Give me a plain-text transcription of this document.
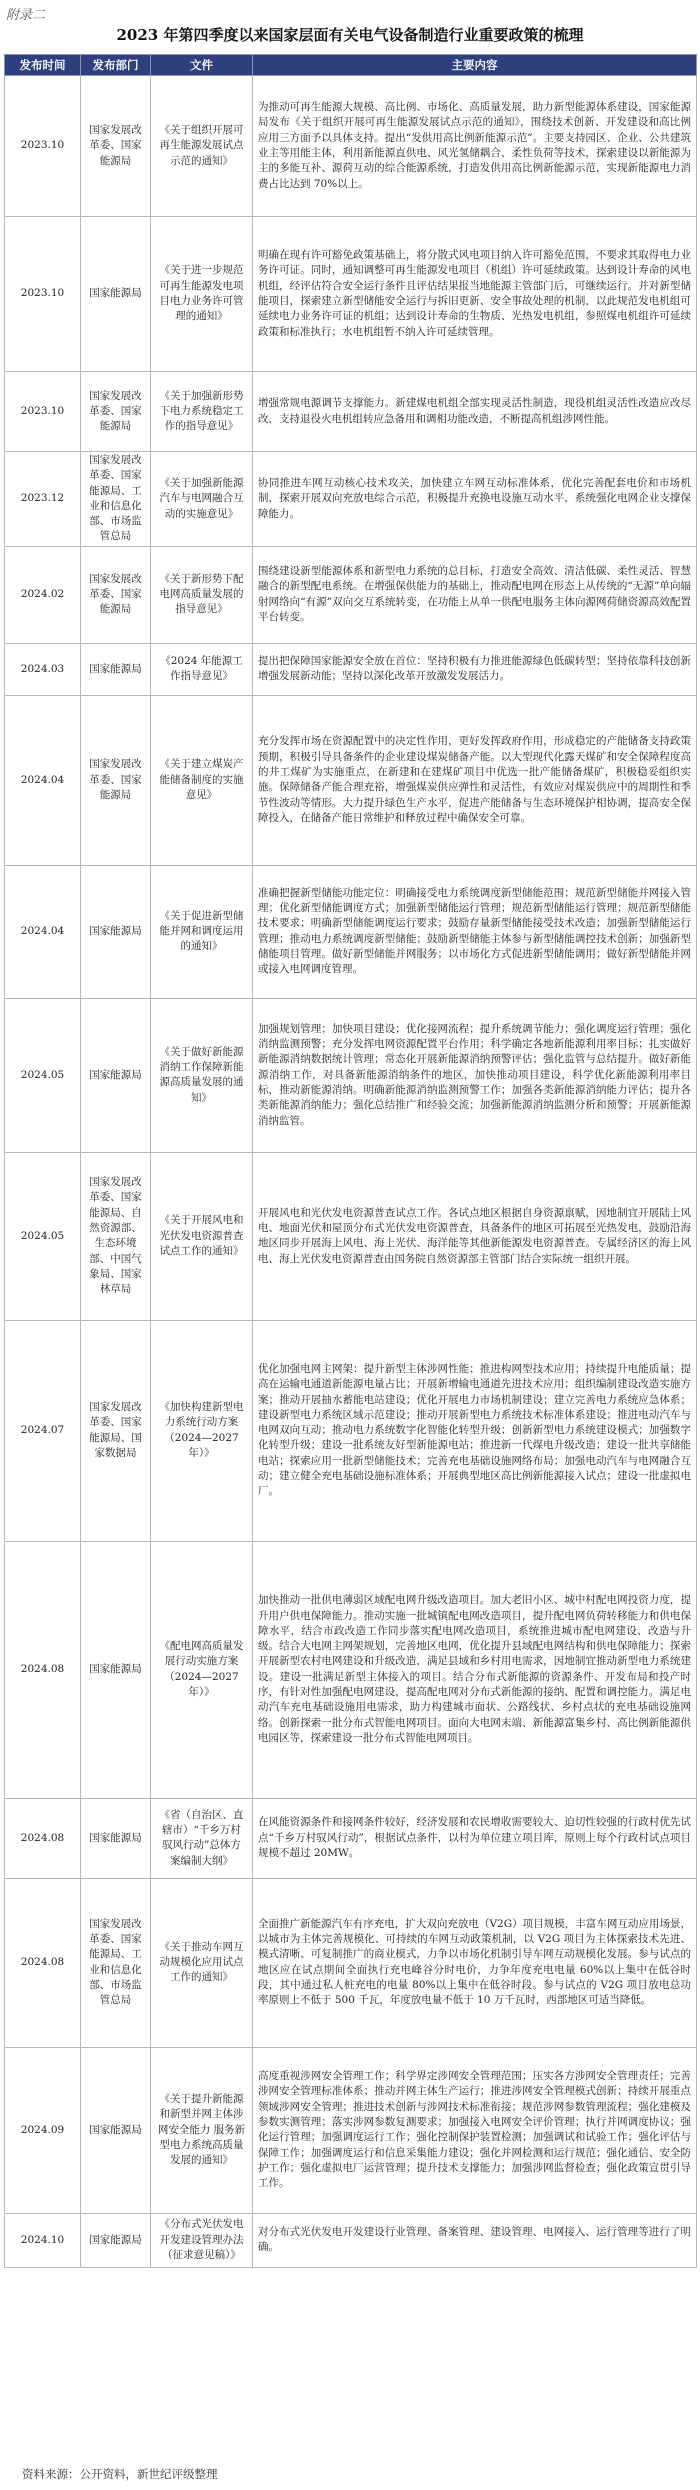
附录二
2023 年第四季度以来国家层面有关电气设备制造行业重要政策的梳理
发布时间	发布部门	文件	主要内容
2023.10	国家发展改革委、国家能源局	《关于组织开展可再生能源发展试点示范的通知》	为推动可再生能源大规模、高比例、市场化、高质量发展，助力新型能源体系建设，国家能源局发布《关于组织开展可再生能源发展试点示范的通知》，围绕技术创新、开发建设和高比例应用三方面予以具体支持。提出“发供用高比例新能源示范”。主要支持园区、企业、公共建筑业主等用能主体，利用新能源直供电、风光氢储耦合、柔性负荷等技术，探索建设以新能源为主的多能互补、源荷互动的综合能源系统，打造发供用高比例新能源示范，实现新能源电力消费占比达到 70%以上。
2023.10	国家能源局	《关于进一步规范可再生能源发电项目电力业务许可管理的通知》	明确在现有许可豁免政策基础上，将分散式风电项目纳入许可豁免范围，不要求其取得电力业务许可证。同时，通知调整可再生能源发电项目（机组）许可延续政策。达到设计寿命的风电机组，经评估符合安全运行条件且评估结果报当地能源主管部门后，可继续运行。并对新型储能项目，探索建立新型储能安全运行与拆旧更新、安全事故处理的机制，以此规范发电机组可延续电力业务许可证的机组；达到设计寿命的生物质、光热发电机组，参照煤电机组许可延续政策和标准执行；水电机组暂不纳入许可延续管理。
2023.10	国家发展改革委、国家能源局	《关于加强新形势下电力系统稳定工作的指导意见》	增强常规电源调节支撑能力。新建煤电机组全部实现灵活性制造，现役机组灵活性改造应改尽改，支持退役火电机组转应急备用和调相功能改造，不断提高机组涉网性能。
2023.12	国家发展改革委、国家能源局、工业和信息化部、市场监管总局	《关于加强新能源汽车与电网融合互动的实施意见》	协同推进车网互动核心技术攻关，加快建立车网互动标准体系，优化完善配套电价和市场机制，探索开展双向充放电综合示范，积极提升充换电设施互动水平，系统强化电网企业支撑保障能力。
2024.02	国家发展改革委、国家能源局	《关于新形势下配电网高质量发展的指导意见》	围绕建设新型能源体系和新型电力系统的总目标，打造安全高效、清洁低碳、柔性灵活、智慧融合的新型配电系统。在增强保供能力的基础上，推动配电网在形态上从传统的“无源”单向辐射网络向“有源”双向交互系统转变，在功能上从单一供配电服务主体向源网荷储资源高效配置平台转变。
2024.03	国家能源局	《2024 年能源工作指导意见》	提出把保障国家能源安全放在首位：坚持积极有力推进能源绿色低碳转型；坚持依靠科技创新增强发展新动能；坚持以深化改革开放激发发展活力。
2024.04	国家发展改革委、国家能源局	《关于建立煤炭产能储备制度的实施意见》	充分发挥市场在资源配置中的决定性作用，更好发挥政府作用，形成稳定的产能储备支持政策预期，积极引导具备条件的企业建设煤炭储备产能。以大型现代化露天煤矿和安全保障程度高的井工煤矿为实施重点，在新建和在建煤矿项目中优选一批产能储备煤矿，积极稳妥组织实施。保障储备产能合理充裕，增强煤炭供应弹性和灵活性，有效应对煤炭供应中的周期性和季节性波动等情形。大力提升绿色生产水平，促进产能储备与生态环境保护相协调，提高安全保障投入，在储备产能日常维护和释放过程中确保安全可靠。
2024.04	国家能源局	《关于促进新型储能并网和调度运用的通知》	准确把握新型储能功能定位：明确接受电力系统调度新型储能范围；规范新型储能并网接入管理；优化新型储能调度方式；加强新型储能运行管理；规范新型储能运行管理；规范新型储能技术要求；明确新型储能调度运行要求；鼓励存量新型储能接受技术改造；加强新型储能运行管理；推动电力系统调度新型储能；鼓励新型储能主体参与新型储能调控技术创新；加强新型储能项目管理。做好新型储能并网服务；以市场化方式促进新型储能调用；做好新型储能并网或接入电网调度管理。
2024.05	国家能源局	《关于做好新能源消纳工作保障新能源高质量发展的通知》	加强规划管理；加快项目建设；优化接网流程；提升系统调节能力；强化调度运行管理；强化消纳监测预警；充分发挥电网资源配置平台作用；科学确定各地新能源利用率目标；扎实做好新能源消纳数据统计管理；常态化开展新能源消纳预警评估；强化监管与总结提升。做好新能源消纳工作，对具备新能源消纳条件的地区，加快推动项目建设，科学优化新能源利用率目标，推动新能源消纳。明确新能源消纳监测预警工作；加强各类新能源消纳能力评估；提升各类新能源消纳能力；强化总结推广和经验交流；加强新能源消纳监测分析和预警；开展新能源消纳监管。
2024.05	国家发展改革委、国家能源局、自然资源部、生态环境部、中国气象局、国家林草局	《关于开展风电和光伏发电资源普查试点工作的通知》	开展风电和光伏发电资源普查试点工作。各试点地区根据自身资源禀赋，因地制宜开展陆上风电、地面光伏和屋顶分布式光伏发电资源普查，具备条件的地区可拓展至光热发电，鼓励沿海地区同步开展海上风电、海上光伏、海洋能等其他新能源发电资源普查。专属经济区的海上风电、海上光伏发电资源普查由国务院自然资源部主管部门结合实际统一组织开展。
2024.07	国家发展改革委、国家能源局、国家数据局	《加快构建新型电力系统行动方案（2024—2027年）》	优化加强电网主网架：提升新型主体涉网性能；推进构网型技术应用；持续提升电能质量；提高在运输电通道新能源电量占比；开展新增输电通道先进技术应用；组织编制建设改造实施方案；推动开展抽水蓄能电站建设；优化开展电力市场机制建设；建立完善电力系统应急体系；建设新型电力系统区域示范建设；推动开展新型电力系统技术标准体系建设；推进电动汽车与电网双向互动；推动电力系统数字化智能化转型升级；创新新型电力系统建设模式；加强数字化转型升级；建设一批系统友好型新能源电站；推进新一代煤电升级改造；建设一批共享储能电站；探索应用一批新型储能技术；完善充电基础设施网络布局；加强电动汽车与电网融合互动；建立健全充电基础设施标准体系；开展典型地区高比例新能源接入试点；建设一批虚拟电厂。
2024.08	国家能源局	《配电网高质量发展行动实施方案（2024—2027年）》	加快推动一批供电薄弱区域配电网升级改造项目。加大老旧小区、城中村配电网投资力度，提升用户供电保障能力。推动实施一批城镇配电网改造项目，提升配电网负荷转移能力和供电保障水平，结合市政改造工作同步落实配电网改造项目，系统推进城市配电网建设、改造与升级。结合大电网主网架规划，完善地区电网，优化提升县域配电网结构和供电保障能力；探索开展新型农村电网建设和升级改造，满足县域和乡村用电需求，因地制宜推动新型电力系统建设。建设一批满足新型主体接入的项目。结合分布式新能源的资源条件、开发布局和投产时序，有针对性加强配电网建设，提高配电网对分布式新能源的接纳、配置和调控能力。满足电动汽车充电基础设施用电需求，助力构建城市面状、公路线状、乡村点状的充电基础设施网络。创新探索一批分布式智能电网项目。面向大电网末端、新能源富集乡村、高比例新能源供电园区等，探索建设一批分布式智能电网项目。
2024.08	国家能源局	《省（自治区、直辖市）“千乡万村驭风行动”总体方案编制大纲》	在风能资源条件和接网条件较好，经济发展和农民增收需要较大、迫切性较强的行政村优先试点“千乡万村驭风行动”，根据试点条件，以村为单位建立项目库，原则上每个行政村试点项目规模不超过 20MW。
2024.08	国家发展改革委、国家能源局、工业和信息化部、市场监管总局	《关于推动车网互动规模化应用试点工作的通知》	全面推广新能源汽车有序充电，扩大双向充放电（V2G）项目规模，丰富车网互动应用场景，以城市为主体完善规模化、可持续的车网互动政策机制，以 V2G 项目为主体探索技术先进、模式清晰、可复制推广的商业模式，力争以市场化机制引导车网互动规模化发展。参与试点的地区应在试点期间全面执行充电峰谷分时电价，力争年度充电电量 60%以上集中在低谷时段，其中通过私人桩充电的电量 80%以上集中在低谷时段。参与试点的 V2G 项目放电总功率原则上不低于 500 千瓦，年度放电量不低于 10 万千瓦时，西部地区可适当降低。
2024.09	国家能源局	《关于提升新能源和新型并网主体涉网安全能力 服务新型电力系统高质量发展的通知》	高度重视涉网安全管理工作；科学界定涉网安全管理范围；压实各方涉网安全管理责任；完善涉网安全管理标准体系；推动并网主体生产运行；推进涉网安全管理模式创新；持续开展重点领域涉网安全管理；推进技术创新与涉网技术标准衔接；规范涉网参数管理流程；强化建模及参数实测管理；落实涉网参数复测要求；加强接入电网安全评价管理；执行并网调度协议；强化运行管理；加强调度运行工作；强化控制保护装置检测；加强调试和试验工作；强化评估与保障工作；加强调度运行和信息采集能力建设；强化并网检测和运行规范；强化通信、安全防护工作；强化虚拟电厂运营管理；提升技术支撑能力；加强涉网监督检查；强化政策宣贯引导工作。
2024.10	国家能源局	《分布式光伏发电开发建设管理办法（征求意见稿）》	对分布式光伏发电开发建设行业管理、备案管理、建设管理、电网接入、运行管理等进行了明确。
资料来源：公开资料，新世纪评级整理
